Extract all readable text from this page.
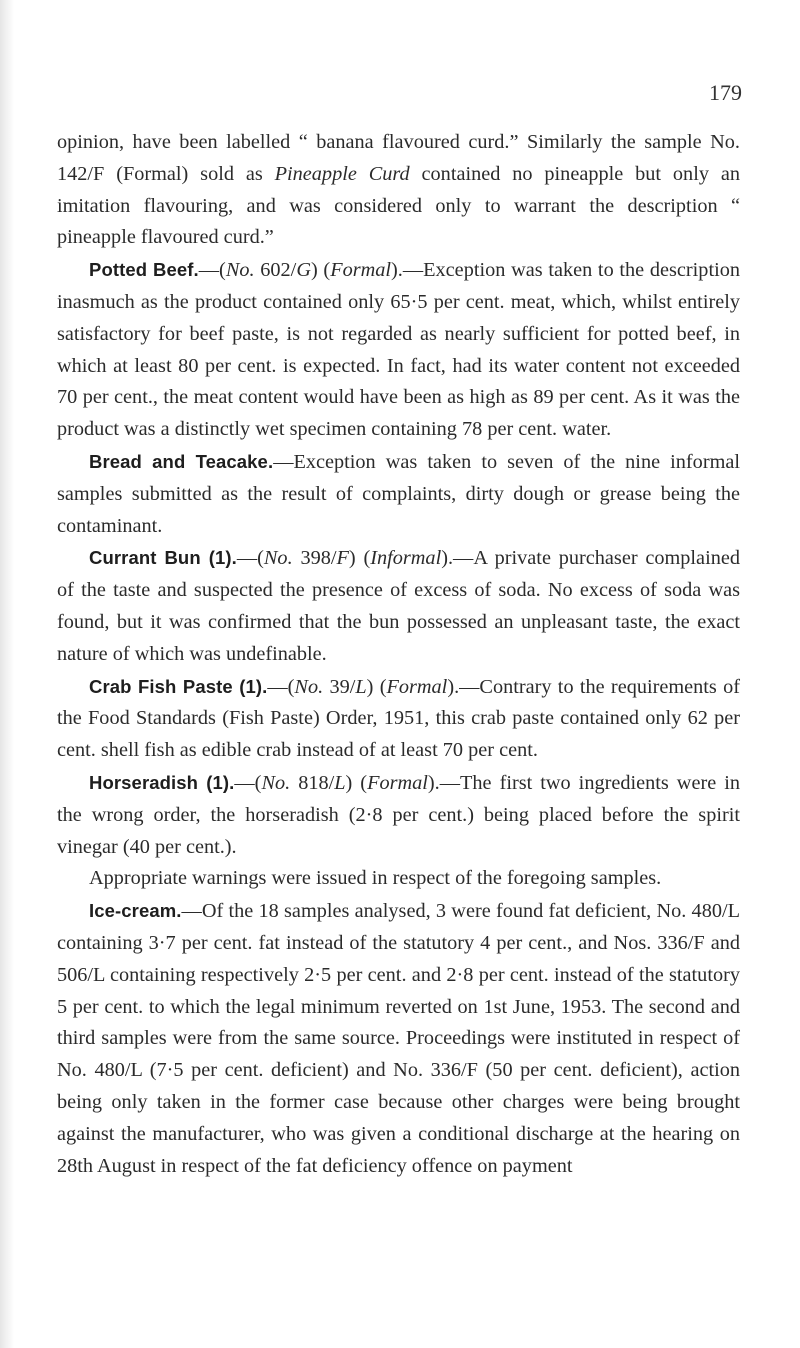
179

opinion, have been labelled “ banana flavoured curd.” Similarly the sample No. 142/F (Formal) sold as Pineapple Curd contained no pineapple but only an imitation flavouring, and was considered only to warrant the description “ pineapple flavoured curd.”

Potted Beef.—(No. 602/G) (Formal).—Exception was taken to the description inasmuch as the product contained only 65·5 per cent. meat, which, whilst entirely satisfactory for beef paste, is not regarded as nearly sufficient for potted beef, in which at least 80 per cent. is expected. In fact, had its water content not exceeded 70 per cent., the meat content would have been as high as 89 per cent. As it was the product was a distinctly wet specimen containing 78 per cent. water.

Bread and Teacake.—Exception was taken to seven of the nine informal samples submitted as the result of complaints, dirty dough or grease being the contaminant.

Currant Bun (1).—(No. 398/F) (Informal).—A private purchaser complained of the taste and suspected the presence of excess of soda. No excess of soda was found, but it was confirmed that the bun possessed an unpleasant taste, the exact nature of which was undefinable.

Crab Fish Paste (1).—(No. 39/L) (Formal).—Contrary to the requirements of the Food Standards (Fish Paste) Order, 1951, this crab paste contained only 62 per cent. shell fish as edible crab instead of at least 70 per cent.

Horseradish (1).—(No. 818/L) (Formal).—The first two ingredients were in the wrong order, the horseradish (2·8 per cent.) being placed before the spirit vinegar (40 per cent.).

Appropriate warnings were issued in respect of the foregoing samples.

Ice-cream.—Of the 18 samples analysed, 3 were found fat deficient, No. 480/L containing 3·7 per cent. fat instead of the statutory 4 per cent., and Nos. 336/F and 506/L containing respectively 2·5 per cent. and 2·8 per cent. instead of the statutory 5 per cent. to which the legal minimum reverted on 1st June, 1953. The second and third samples were from the same source. Proceedings were instituted in respect of No. 480/L (7·5 per cent. deficient) and No. 336/F (50 per cent. deficient), action being only taken in the former case because other charges were being brought against the manufacturer, who was given a conditional discharge at the hearing on 28th August in respect of the fat deficiency offence on payment
